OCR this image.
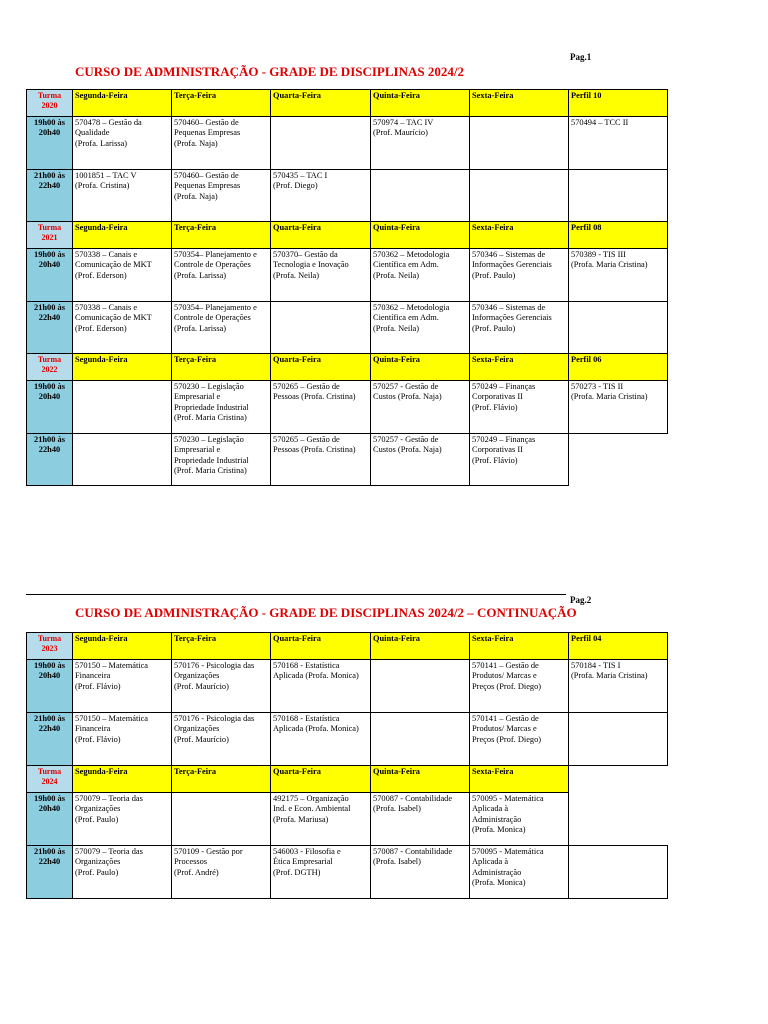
Pag.1
CURSO DE ADMINISTRAÇÃO - GRADE DE DISCIPLINAS 2024/2
Turma
2020	Segunda-Feira	Terça-Feira	Quarta-Feira	Quinta-Feira	Sexta-Feira	Perfil 10
19h00 às
20h40	570478 – Gestão da
Qualidade
(Profa. Larissa)	570460– Gestão de
Pequenas Empresas
(Profa. Naja)		570974 – TAC IV
(Prof. Maurício)		570494 – TCC II
21h00 às
22h40	1001851 – TAC V
(Profa. Cristina)	570460– Gestão de
Pequenas Empresas
(Profa. Naja)	570435 – TAC I
(Prof. Diego)			
Turma
2021	Segunda-Feira	Terça-Feira	Quarta-Feira	Quinta-Feira	Sexta-Feira	Perfil 08
19h00 às
20h40	570338 – Canais e
Comunicação de MKT
(Prof. Ederson)	570354– Planejamento e
Controle de Operações
(Profa. Larissa)	570370– Gestão da
Tecnologia e Inovação
(Profa. Neila)	570362 – Metodologia
Científica em Adm.
(Profa. Neila)	570346 – Sistemas de
Informações Gerenciais
(Prof. Paulo)	570389 - TIS III
(Profa. Maria Cristina)
21h00 às
22h40	570338 – Canais e
Comunicação de MKT
(Prof. Ederson)	570354– Planejamento e
Controle de Operações
(Profa. Larissa)		570362 – Metodologia
Científica em Adm.
(Profa. Neila)	570346 – Sistemas de
Informações Gerenciais
(Prof. Paulo)	
Turma
2022	Segunda-Feira	Terça-Feira	Quarta-Feira	Quinta-Feira	Sexta-Feira	Perfil 06
19h00 às
20h40		570230 – Legislação
Empresarial e
Propriedade Industrial
(Prof. Maria Cristina)	570265 – Gestão de
Pessoas (Profa. Cristina)	570257 - Gestão de
Custos (Profa. Naja)	570249 – Finanças
Corporativas II
(Prof. Flávio)	570273 - TIS II
(Profa. Maria Cristina)
21h00 às
22h40		570230 – Legislação
Empresarial e
Propriedade Industrial
(Prof. Maria Cristina)	570265 – Gestão de
Pessoas (Profa. Cristina)	570257 - Gestão de
Custos (Profa. Naja)	570249 – Finanças
Corporativas II
(Prof. Flávio)	
Pag.2
CURSO DE ADMINISTRAÇÃO - GRADE DE DISCIPLINAS 2024/2 – CONTINUAÇÃO
Turma
2023	Segunda-Feira	Terça-Feira	Quarta-Feira	Quinta-Feira	Sexta-Feira	Perfil 04
19h00 às
20h40	570150 – Matemática
Financeira
(Prof. Flávio)	570176 - Psicologia das
Organizações
(Prof. Maurício)	570168 - Estatística
Aplicada (Profa. Monica)		570141 – Gestão de
Produtos/ Marcas e
Preços (Prof. Diego)	570184 - TIS I
(Profa. Maria Cristina)
21h00 às
22h40	570150 – Matemática
Financeira
(Prof. Flávio)	570176 - Psicologia das
Organizações
(Prof. Maurício)	570168 - Estatística
Aplicada (Profa. Monica)		570141 – Gestão de
Produtos/ Marcas e
Preços (Prof. Diego)	
Turma
2024	Segunda-Feira	Terça-Feira	Quarta-Feira	Quinta-Feira	Sexta-Feira	
19h00 às
20h40	570079 – Teoria das
Organizações
(Prof. Paulo)		492175 – Organização
Ind. e Econ. Ambiental
(Profa. Mariusa)	570087 - Contabilidade
(Profa. Isabel)	570095 - Matemática
Aplicada à
Administração
(Profa. Monica)	
21h00 às
22h40	570079 – Teoria das
Organizações
(Prof. Paulo)	570109 - Gestão por
Processos
(Prof. André)	546003 - Filosofia e
Ética Empresarial
(Prof. DGTH)	570087 - Contabilidade
(Profa. Isabel)	570095 - Matemática
Aplicada à
Administração
(Profa. Monica)	
